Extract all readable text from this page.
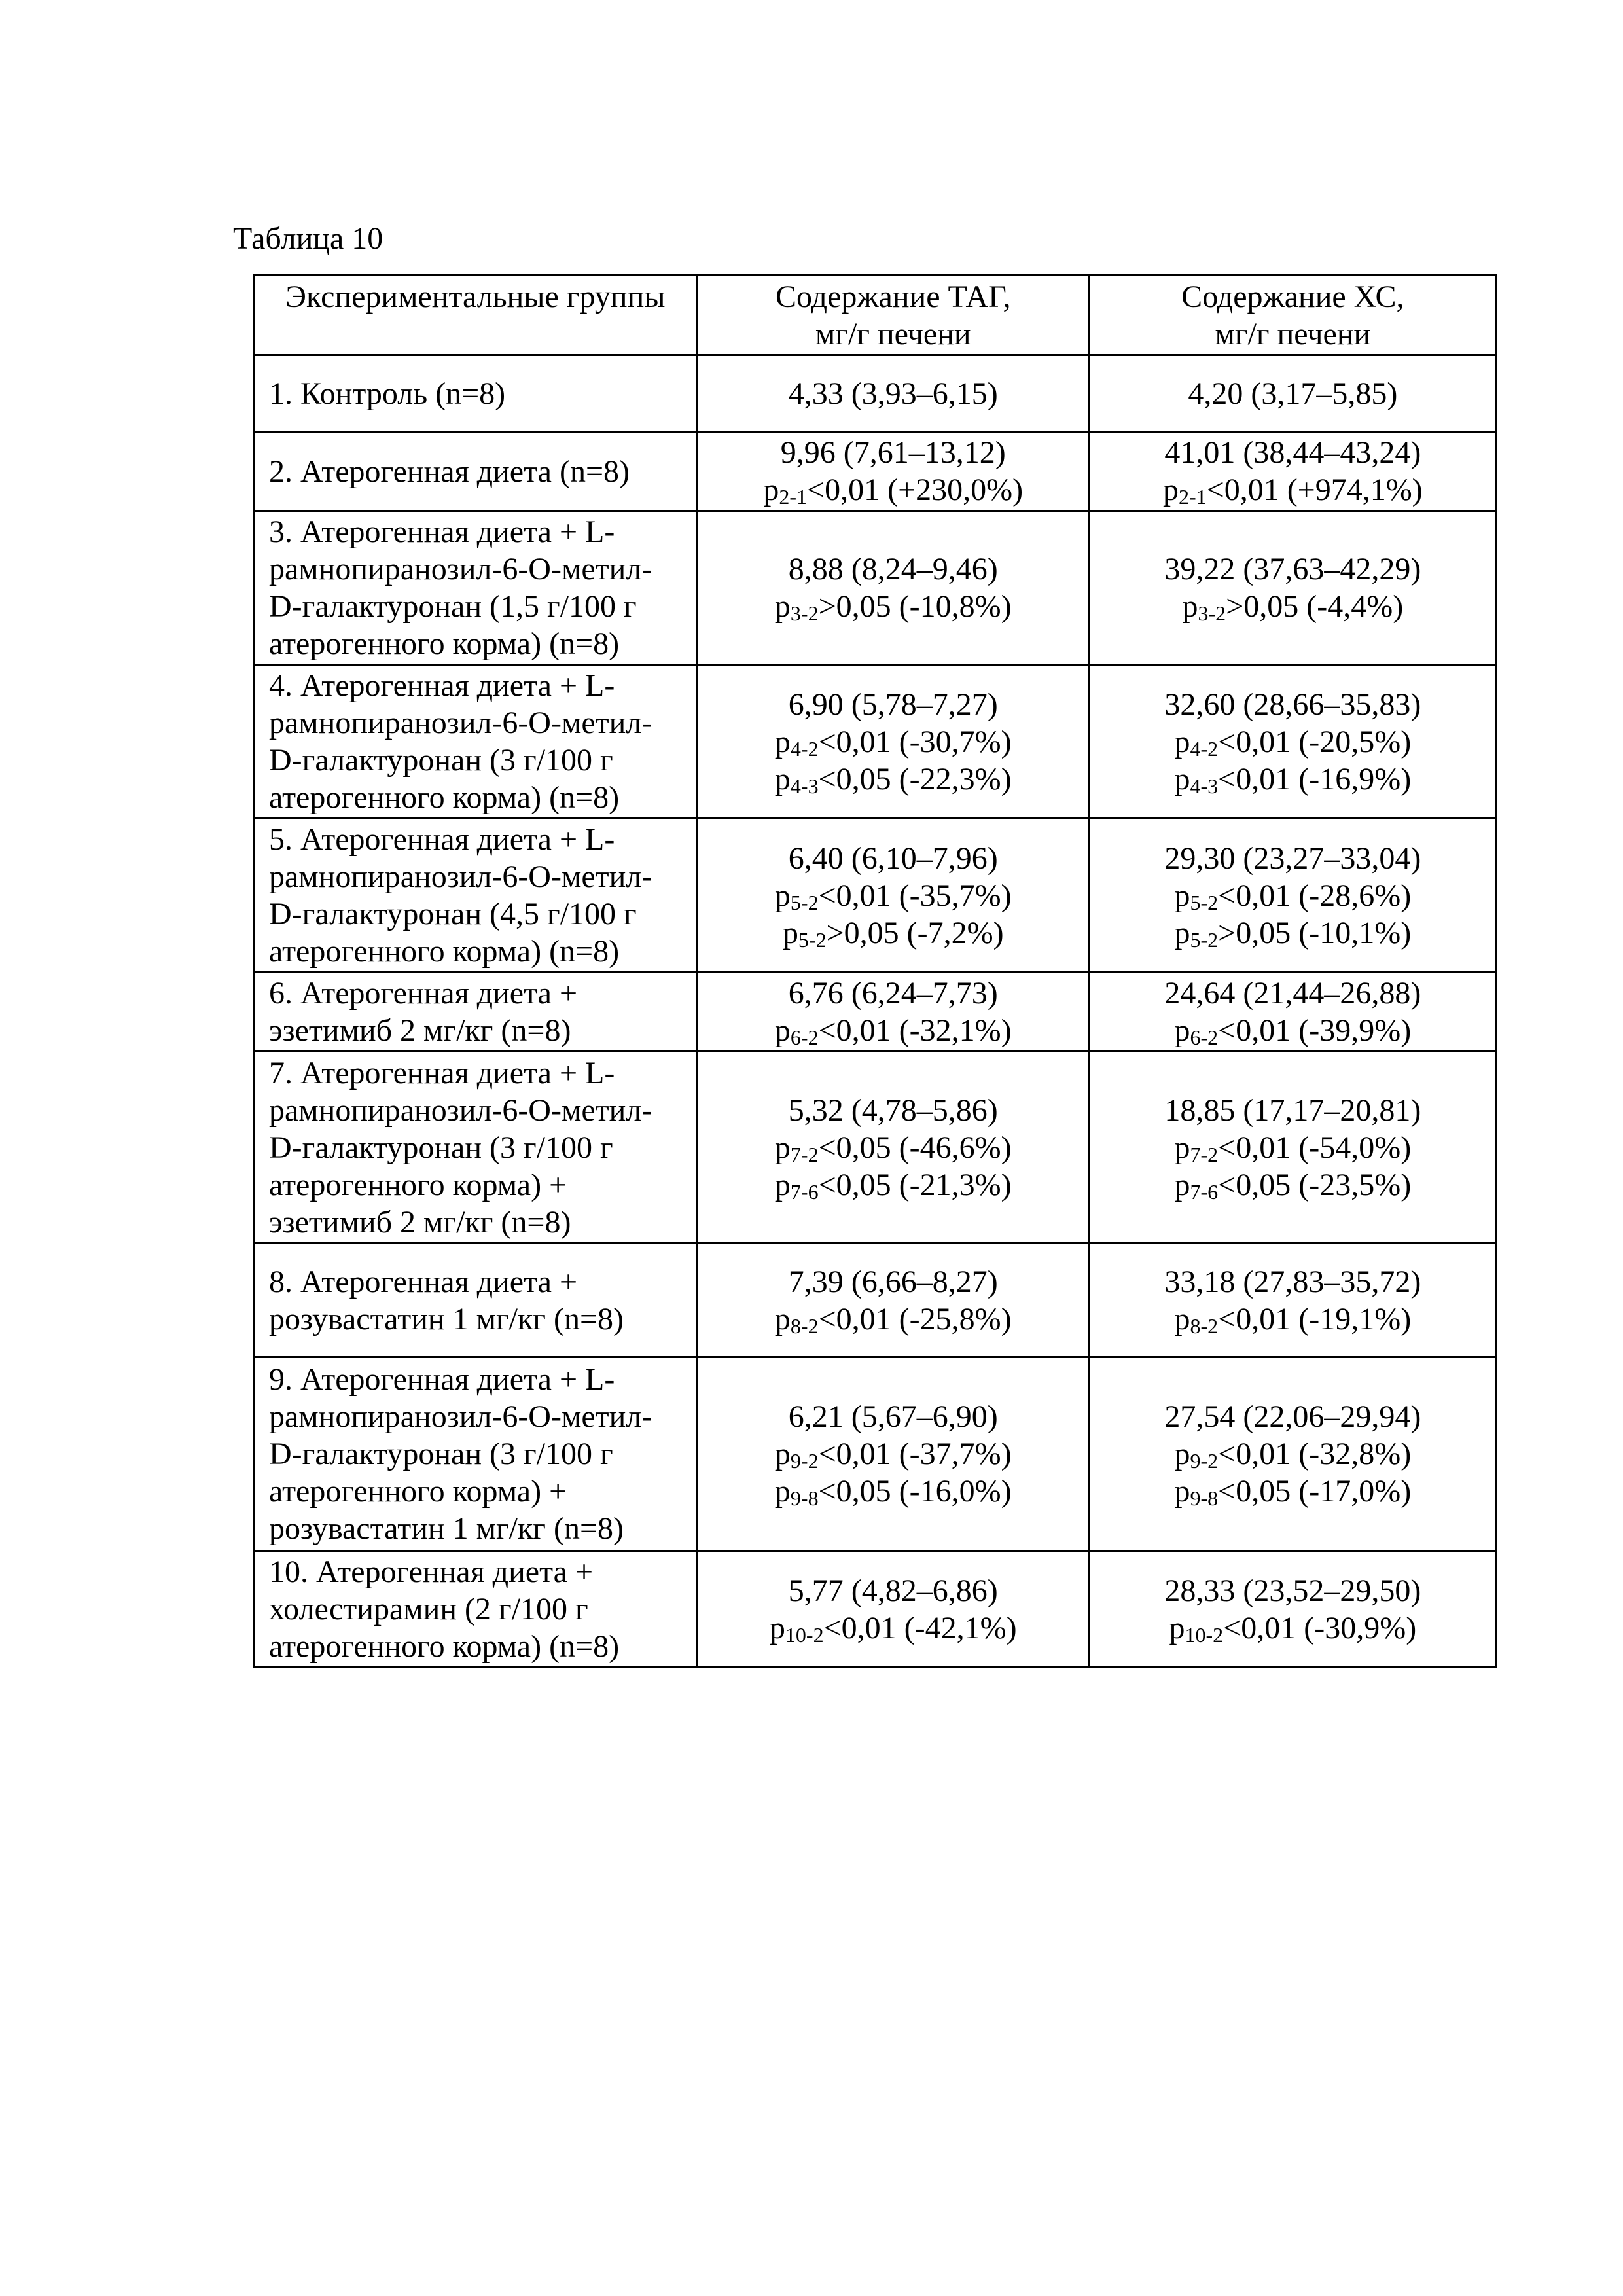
Таблица 10
Экспериментальные группы	Содержание ТАГ,
мг/г печени

Содержание ХС,
мг/г печени

1. Контроль (n=8)	4,33 (3,93–6,15)	4,20 (3,17–5,85)

2. Атерогенная диета (n=8)

9,96 (7,61–13,12)
p2-1<0,01 (+230,0%)

41,01 (38,44–43,24)
p2-1<0,01 (+974,1%)

3. Атерогенная диета + L-
рамнопиранозил-6-О-метил-
D-галактуронан (1,5 г/100 г
атерогенного корма) (n=8)

8,88 (8,24–9,46)
p3-2>0,05 (-10,8%)

39,22 (37,63–42,29)
p3-2>0,05 (-4,4%)

4. Атерогенная диета + L-
рамнопиранозил-6-О-метил-
D-галактуронан (3 г/100 г
атерогенного корма) (n=8)

6,90 (5,78–7,27)
p4-2<0,01 (-30,7%)
p4-3<0,05 (-22,3%)

32,60 (28,66–35,83)
p4-2<0,01 (-20,5%)
p4-3<0,01 (-16,9%)

5. Атерогенная диета + L-
рамнопиранозил-6-О-метил-
D-галактуронан (4,5 г/100 г
атерогенного корма) (n=8)

6,40 (6,10–7,96)
p5-2<0,01 (-35,7%)
p5-2>0,05 (-7,2%)

29,30 (23,27–33,04)
p5-2<0,01 (-28,6%)
p5-2>0,05 (-10,1%)

6. Атерогенная диета +
эзетимиб 2 мг/кг (n=8)

6,76 (6,24–7,73)
p6-2<0,01 (-32,1%)

24,64 (21,44–26,88)
p6-2<0,01 (-39,9%)

7. Атерогенная диета + L-
рамнопиранозил-6-О-метил-
D-галактуронан (3 г/100 г
атерогенного корма) +
эзетимиб 2 мг/кг (n=8)

5,32 (4,78–5,86)
p7-2<0,05 (-46,6%)
p7-6<0,05 (-21,3%)

18,85 (17,17–20,81)
p7-2<0,01 (-54,0%)
p7-6<0,05 (-23,5%)

8. Атерогенная диета +
розувастатин 1 мг/кг (n=8)

7,39 (6,66–8,27)
p8-2<0,01 (-25,8%)

33,18 (27,83–35,72)
p8-2<0,01 (-19,1%)

9. Атерогенная диета + L-
рамнопиранозил-6-О-метил-
D-галактуронан (3 г/100 г
атерогенного корма) +
розувастатин 1 мг/кг (n=8)

6,21 (5,67–6,90)
p9-2<0,01 (-37,7%)
p9-8<0,05 (-16,0%)

27,54 (22,06–29,94)
p9-2<0,01 (-32,8%)
p9-8<0,05 (-17,0%)

10. Атерогенная диета +
холестирамин (2 г/100 г
атерогенного корма) (n=8)

5,77 (4,82–6,86)
p10-2<0,01 (-42,1%)

28,33 (23,52–29,50)
p10-2<0,01 (-30,9%)
